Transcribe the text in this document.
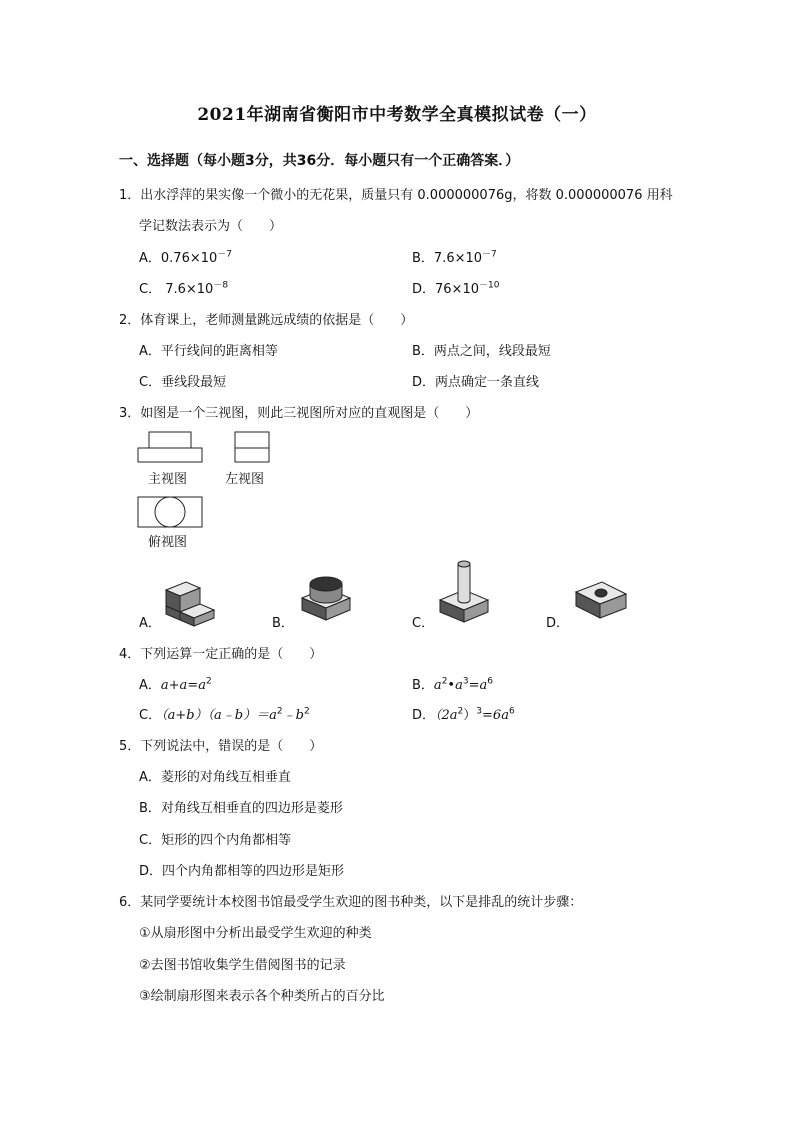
2021年湖南省衡阳市中考数学全真模拟试卷（一）
一、选择题（每小题3分，共36分．每小题只有一个正确答案．）
1．出水浮萍的果实像一个微小的无花果，质量只有 0.000000076g，将数 0.000000076 用科
学记数法表示为（　　）
A．$0.76\times 10^{-7}$	B．$7.6\times 10^{-7}$
C． $7.6\times 10^{-8}$	D．$76\times 10^{-10}$
2．体育课上，老师测量跳远成绩的依据是（　　）
A．平行线间的距离相等	B．两点之间，线段最短
C．垂线段最短	D．两点确定一条直线
3．如图是一个三视图，则此三视图所对应的直观图是（　　）
主视图	左视图
俯视图
A．	B．	C．	D．
4．下列运算一定正确的是（　　）
A．$a+a=a^2$	B．$a^2•a^3=a^6$
C．$(a+b)(a﹣b)=a^2﹣b^2$	D．$(2a^2)^3=6a^6$
5．下列说法中，错误的是（　　）
A．菱形的对角线互相垂直
B．对角线互相垂直的四边形是菱形
C．矩形的四个内角都相等
D．四个内角都相等的四边形是矩形
6．某同学要统计本校图书馆最受学生欢迎的图书种类，以下是排乱的统计步骤：
①从扇形图中分析出最受学生欢迎的种类
②去图书馆收集学生借阅图书的记录
③绘制扇形图来表示各个种类所占的百分比
